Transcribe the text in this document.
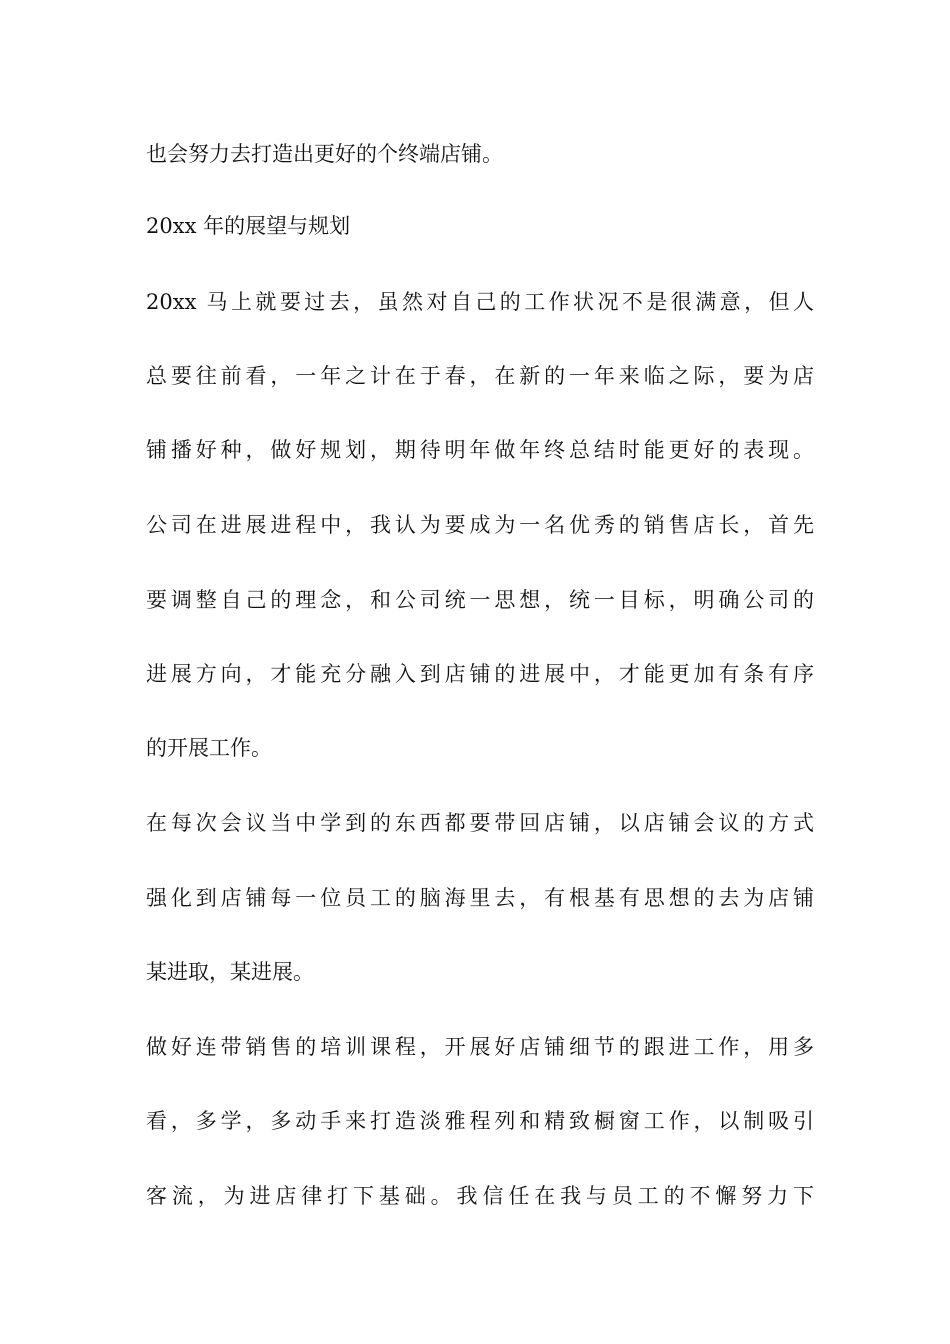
也会努力去打造出更好的个终端店铺。
20xx 年的展望与规划
20xx 马上就要过去，虽然对自己的工作状况不是很满意，但人
总要往前看，一年之计在于春，在新的一年来临之际，要为店
铺播好种，做好规划，期待明年做年终总结时能更好的表现。
公司在进展进程中，我认为要成为一名优秀的销售店长，首先
要调整自己的理念，和公司统一思想，统一目标，明确公司的
进展方向，才能充分融入到店铺的进展中，才能更加有条有序
的开展工作。
在每次会议当中学到的东西都要带回店铺，以店铺会议的方式
强化到店铺每一位员工的脑海里去，有根基有思想的去为店铺
某进取，某进展。
做好连带销售的培训课程，开展好店铺细节的跟进工作，用多
看，多学，多动手来打造淡雅程列和精致橱窗工作，以制吸引
客流，为进店律打下基础。我信任在我与员工的不懈努力下
